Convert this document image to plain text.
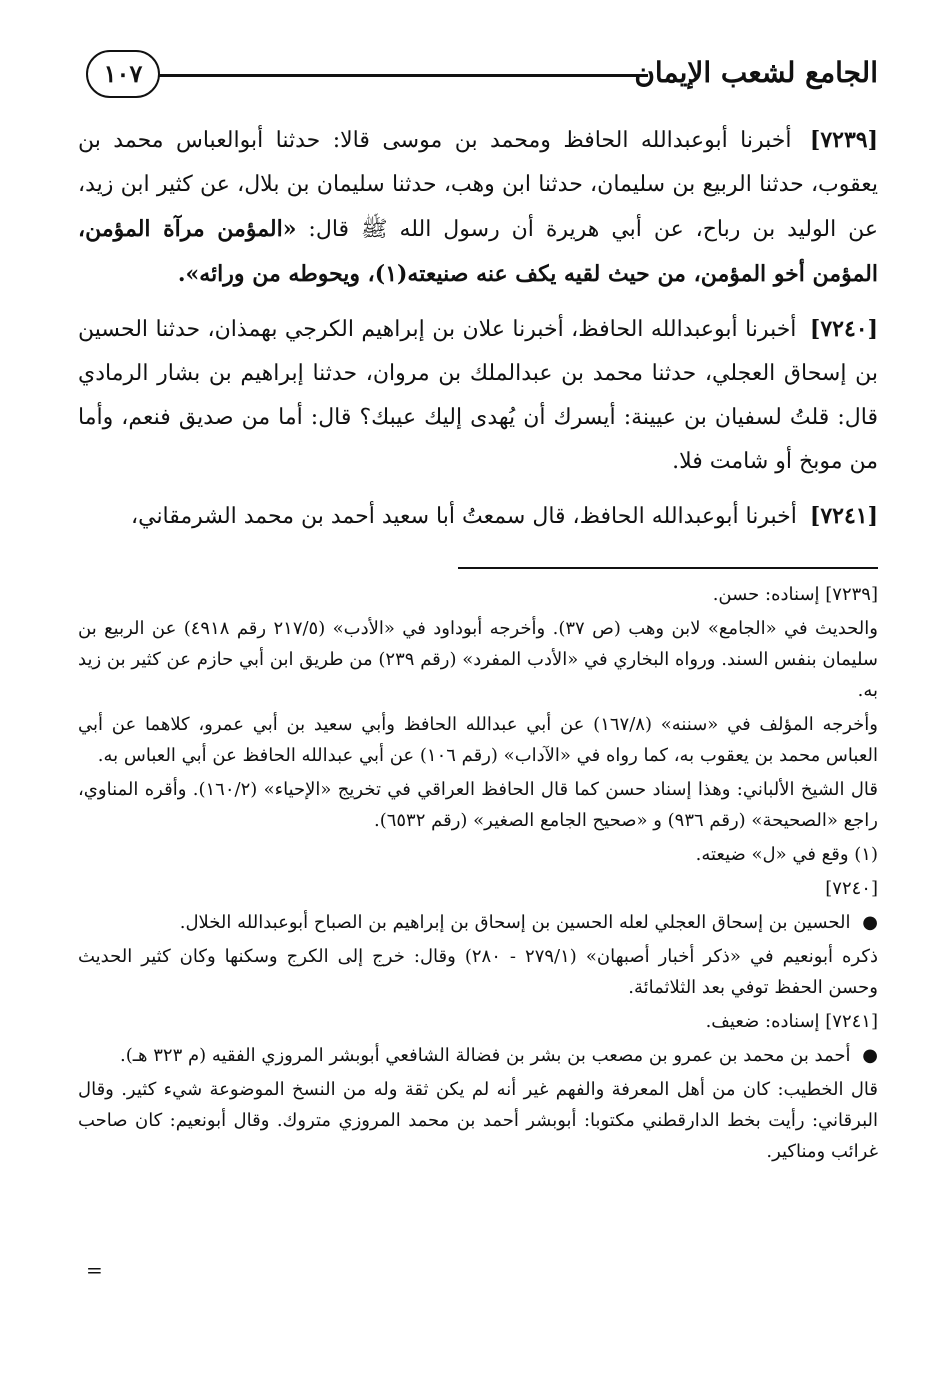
الجامع لشعب الإيمان
١٠٧

[٧٢٣٩] أخبرنا أبوعبدالله الحافظ ومحمد بن موسى قالا: حدثنا أبوالعباس محمد بن يعقوب، حدثنا الربيع بن سليمان، حدثنا ابن وهب، حدثنا سليمان بن بلال، عن كثير ابن زيد، عن الوليد بن رباح، عن أبي هريرة أن رسول الله ﷺ قال: «المؤمن مرآة المؤمن، المؤمن أخو المؤمن، من حيث لقيه يكف عنه صنيعته(١)، ويحوطه من ورائه».

[٧٢٤٠] أخبرنا أبوعبدالله الحافظ، أخبرنا علان بن إبراهيم الكرجي بهمذان، حدثنا الحسين بن إسحاق العجلي، حدثنا محمد بن عبدالملك بن مروان، حدثنا إبراهيم بن بشار الرمادي قال: قلتُ لسفيان بن عيينة: أيسرك أن يُهدى إليك عيبك؟ قال: أما من صديق فنعم، وأما من موبخ أو شامت فلا.

[٧٢٤١] أخبرنا أبوعبدالله الحافظ، قال سمعتُ أبا سعيد أحمد بن محمد الشرمقاني،

[٧٢٣٩] إسناده: حسن.

والحديث في «الجامع» لابن وهب (ص ٣٧). وأخرجه أبوداود في «الأدب» (٢١٧/٥ رقم ٤٩١٨) عن الربيع بن سليمان بنفس السند. ورواه البخاري في «الأدب المفرد» (رقم ٢٣٩) من طريق ابن أبي حازم عن كثير بن زيد به.

وأخرجه المؤلف في «سننه» (١٦٧/٨) عن أبي عبدالله الحافظ وأبي سعيد بن أبي عمرو، كلاهما عن أبي العباس محمد بن يعقوب به، كما رواه في «الآداب» (رقم ١٠٦) عن أبي عبدالله الحافظ عن أبي العباس به.

قال الشيخ الألباني: وهذا إسناد حسن كما قال الحافظ العراقي في تخريج «الإحياء» (١٦٠/٢). وأقره المناوي، راجع «الصحيحة» (رقم ٩٣٦) و «صحيح الجامع الصغير» (رقم ٦٥٣٢).

(١) وقع في «ل» ضيعته.

[٧٢٤٠]

● الحسين بن إسحاق العجلي لعله الحسين بن إسحاق بن إبراهيم بن الصباح أبوعبدالله الخلال.

ذكره أبونعيم في «ذكر أخبار أصبهان» (٢٧٩/١ - ٢٨٠) وقال: خرج إلى الكرج وسكنها وكان كثير الحديث وحسن الحفظ توفي بعد الثلاثمائة.

[٧٢٤١] إسناده: ضعيف.

● أحمد بن محمد بن عمرو بن مصعب بن بشر بن فضالة الشافعي أبوبشر المروزي الفقيه (م ٣٢٣ هـ).

قال الخطيب: كان من أهل المعرفة والفهم غير أنه لم يكن ثقة وله من النسخ الموضوعة شيء كثير. وقال البرقاني: رأيت بخط الدارقطني مكتوبا: أبوبشر أحمد بن محمد المروزي متروك. وقال أبونعيم: كان صاحب غرائب ومناكير.

=
